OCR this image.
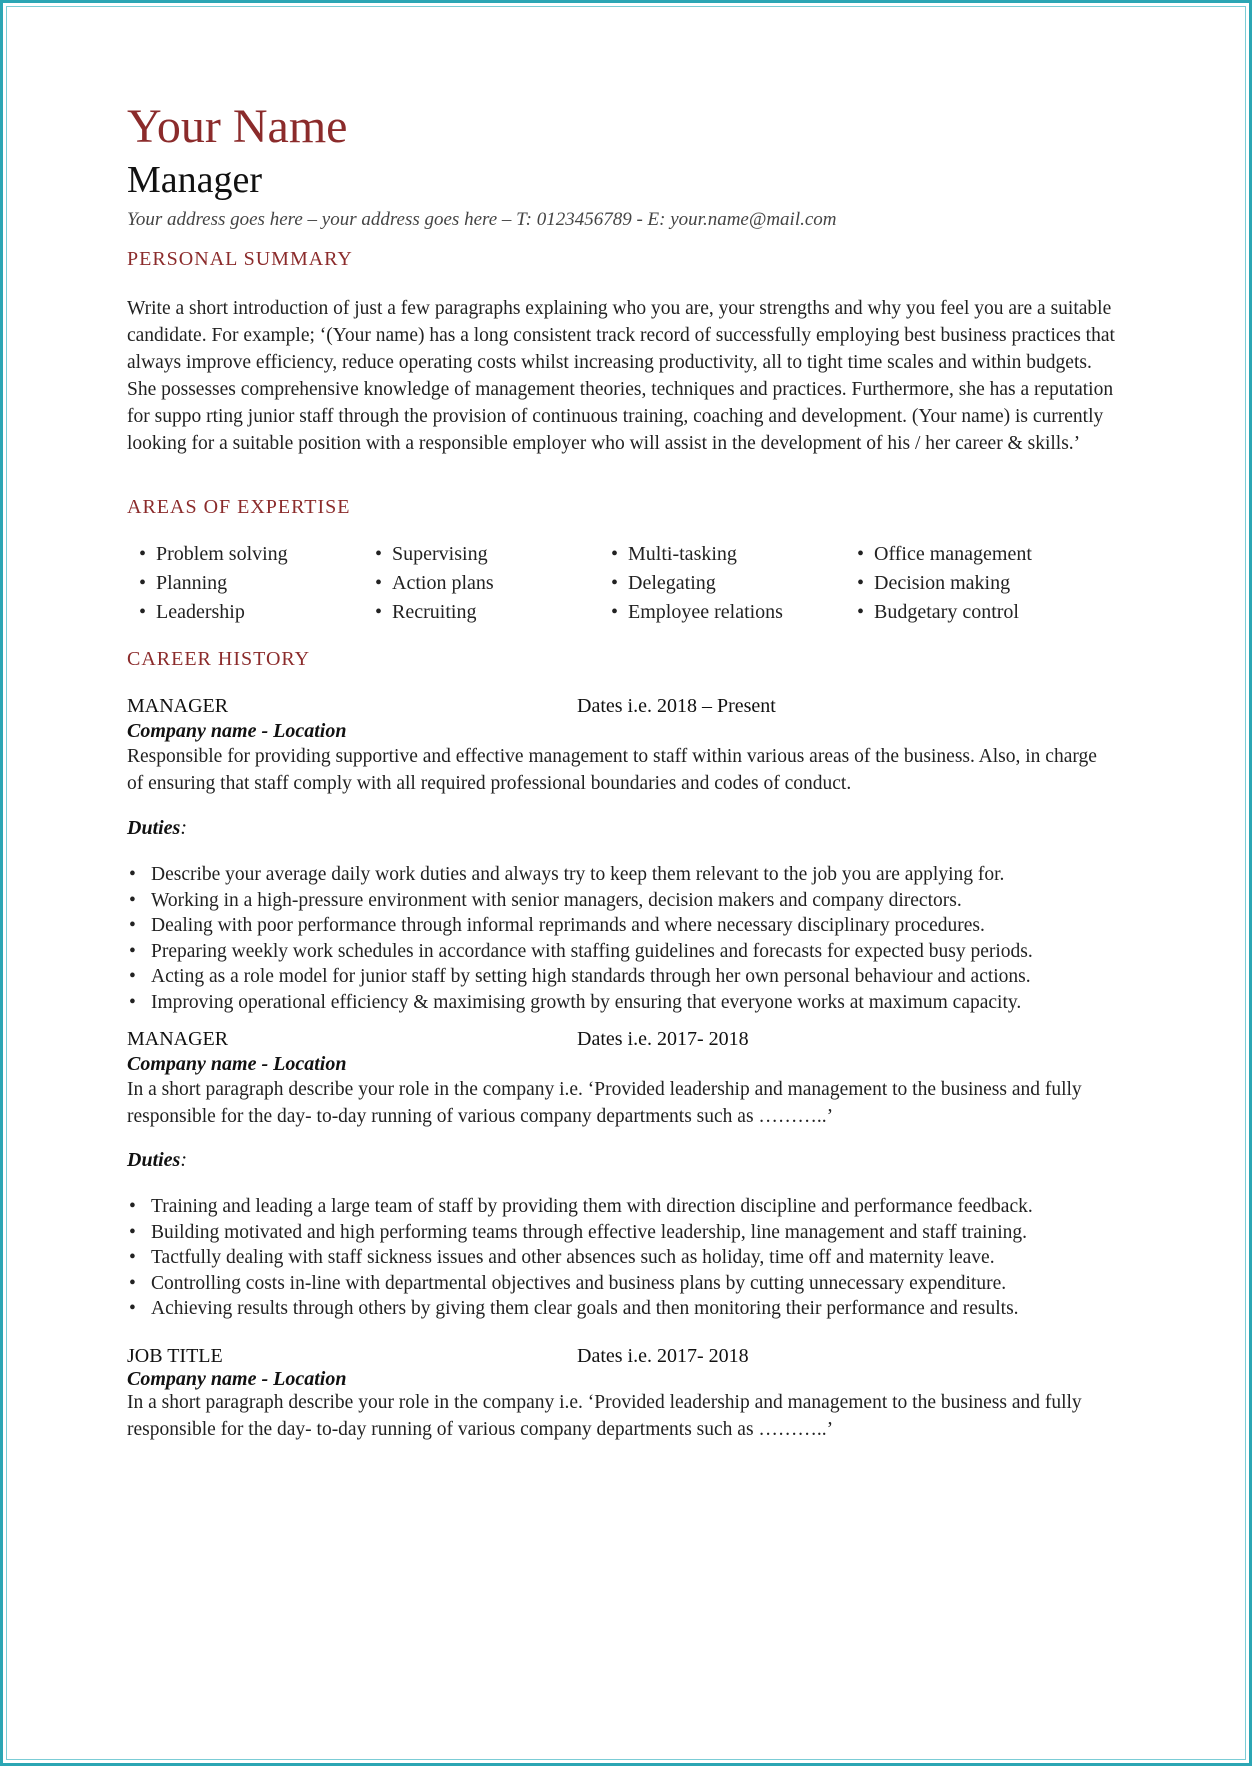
Your Name
Manager
Your address goes here – your address goes here – T: 0123456789 - E: your.name@mail.com
PERSONAL SUMMARY
Write a short introduction of just a few paragraphs explaining who you are, your strengths and why you feel you are a suitable candidate. For example; ‘(Your name) has a long consistent track record of successfully employing best business practices that always improve efficiency, reduce operating costs whilst increasing productivity, all to tight time scales and within budgets. She possesses comprehensive knowledge of management theories, techniques and practices. Furthermore, she has a reputation for suppo rting junior staff through the provision of continuous training, coaching and development. (Your name) is currently looking for a suitable position with a responsible employer who will assist in the development of his / her career & skills.’
AREAS OF EXPERTISE
• Problem solving	• Supervising	• Multi-tasking	• Office management
• Planning	• Action plans	• Delegating	• Decision making
• Leadership	• Recruiting	• Employee relations	• Budgetary control
CAREER HISTORY
MANAGER	Dates i.e. 2018 – Present
Company name - Location
Responsible for providing supportive and effective management to staff within various areas of the business. Also, in charge of ensuring that staff comply with all required professional boundaries and codes of conduct.
Duties:
• Describe your average daily work duties and always try to keep them relevant to the job you are applying for.
• Working in a high-pressure environment with senior managers, decision makers and company directors.
• Dealing with poor performance through informal reprimands and where necessary disciplinary procedures.
• Preparing weekly work schedules in accordance with staffing guidelines and forecasts for expected busy periods.
• Acting as a role model for junior staff by setting high standards through her own personal behaviour and actions.
• Improving operational efficiency & maximising growth by ensuring that everyone works at maximum capacity.
MANAGER	Dates i.e. 2017- 2018
Company name - Location
In a short paragraph describe your role in the company i.e. ‘Provided leadership and management to the business and fully responsible for the day- to-day running of various company departments such as ………..’
Duties:
• Training and leading a large team of staff by providing them with direction discipline and performance feedback.
• Building motivated and high performing teams through effective leadership, line management and staff training.
• Tactfully dealing with staff sickness issues and other absences such as holiday, time off and maternity leave.
• Controlling costs in-line with departmental objectives and business plans by cutting unnecessary expenditure.
• Achieving results through others by giving them clear goals and then monitoring their performance and results.
JOB TITLE	Dates i.e. 2017- 2018
Company name - Location
In a short paragraph describe your role in the company i.e. ‘Provided leadership and management to the business and fully responsible for the day- to-day running of various company departments such as ………..’
